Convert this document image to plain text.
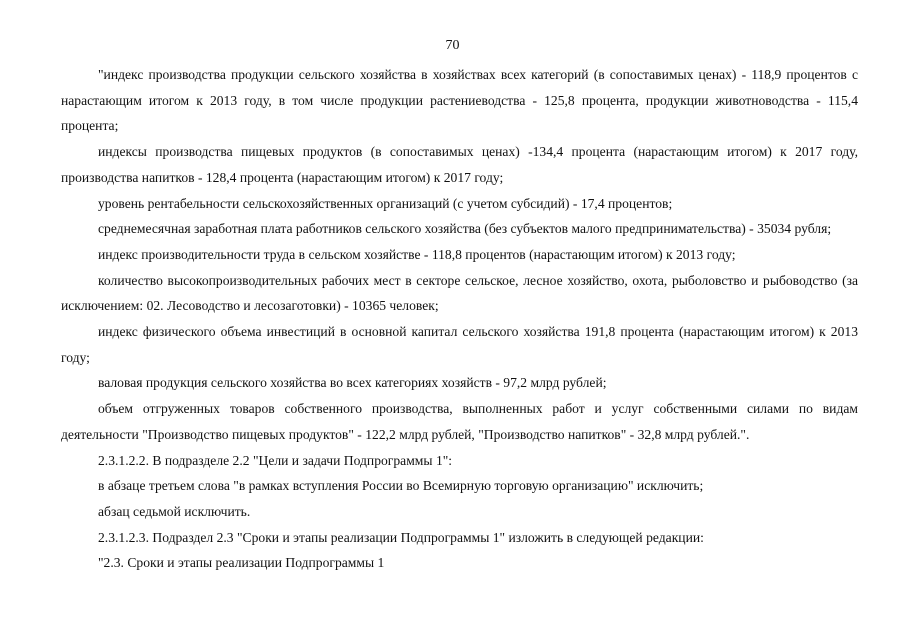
70

"индекс производства продукции сельского хозяйства в хозяйствах всех категорий (в сопоставимых ценах) - 118,9 процентов с нарастающим итогом к 2013 году, в том числе продукции растениеводства - 125,8 процента, продукции животноводства - 115,4 процента;

индексы производства пищевых продуктов (в сопоставимых ценах) -134,4 процента (нарастающим итогом) к 2017 году, производства напитков - 128,4 процента (нарастающим итогом) к 2017 году;

уровень рентабельности сельскохозяйственных организаций (с учетом субсидий) - 17,4 процентов;

среднемесячная заработная плата работников сельского хозяйства (без субъектов малого предпринимательства) - 35034 рубля;

индекс производительности труда в сельском хозяйстве - 118,8 процентов (нарастающим итогом) к 2013 году;

количество высокопроизводительных рабочих мест в секторе сельское, лесное хозяйство, охота, рыболовство и рыбоводство (за исключением: 02. Лесоводство и лесозаготовки) - 10365 человек;

индекс физического объема инвестиций в основной капитал сельского хозяйства 191,8 процента (нарастающим итогом) к 2013 году;

валовая продукция сельского хозяйства во всех категориях хозяйств - 97,2 млрд рублей;

объем отгруженных товаров собственного производства, выполненных работ и услуг собственными силами по видам деятельности "Производство пищевых продуктов" - 122,2 млрд рублей, "Производство напитков" - 32,8 млрд рублей.".

2.3.1.2.2. В подразделе 2.2 "Цели и задачи Подпрограммы 1":

в абзаце третьем слова "в рамках вступления России во Всемирную торговую организацию" исключить;

абзац седьмой исключить.

2.3.1.2.3. Подраздел 2.3 "Сроки и этапы реализации Подпрограммы 1" изложить в следующей редакции:

"2.3. Сроки и этапы реализации Подпрограммы 1
